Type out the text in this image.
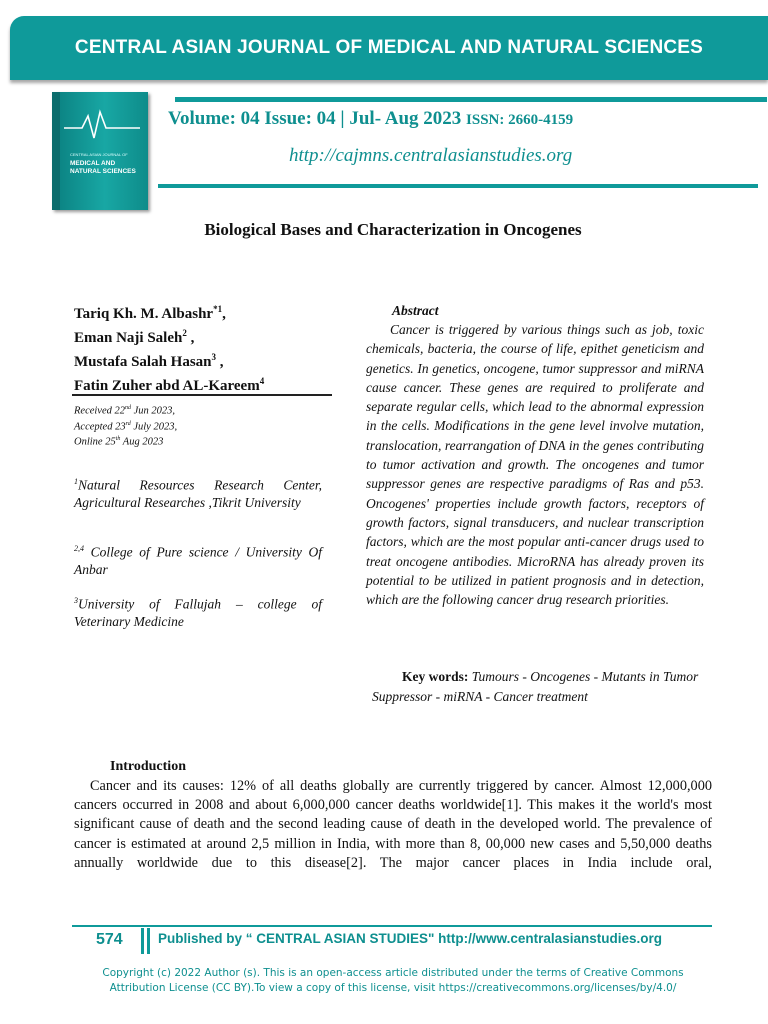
CENTRAL ASIAN JOURNAL OF MEDICAL AND NATURAL SCIENCES
CENTRAL ASIAN JOURNAL OF
MEDICAL AND NATURAL SCIENCES
Volume: 04 Issue: 04 | Jul- Aug 2023 ISSN: 2660-4159
http://cajmns.centralasianstudies.org
Biological Bases and Characterization in Oncogenes
Tariq Kh. M. Albashr$^{*1}$,
Eman Naji Saleh$^2$ ,
Mustafa Salah Hasan$^3$ ,
Fatin Zuher abd AL-Kareem$^4$
Received 22nd Jun 2023,
Accepted 23rd July 2023,
Online 25th Aug 2023
$^1$Natural Resources Research Center, Agricultural Researches ,Tikrit University
$^{2,4}$ College of Pure science / University Of Anbar
$^3$University of Fallujah – college of Veterinary Medicine
Abstract
Cancer is triggered by various things such as job, toxic chemicals, bacteria, the course of life, epithet geneticism and genetics. In genetics, oncogene, tumor suppressor and miRNA cause cancer. These genes are required to proliferate and separate regular cells, which lead to the abnormal expression in the cells. Modifications in the gene level involve mutation, translocation, rearrangation of DNA in the genes contributing to tumor activation and growth. The oncogenes and tumor suppressor genes are respective paradigms of Ras and p53. Oncogenes' properties include growth factors, receptors of growth factors, signal transducers, and nuclear transcription factors, which are the most popular anti-cancer drugs used to treat oncogene antibodies. MicroRNA has already proven its potential to be utilized in patient prognosis and in detection, which are the following cancer drug research priorities.
Key words: Tumours - Oncogenes - Mutants in Tumor Suppressor - miRNA - Cancer treatment
Introduction
Cancer and its causes: 12% of all deaths globally are currently triggered by cancer. Almost 12,000,000 cancers occurred in 2008 and about 6,000,000 cancer deaths worldwide[1]. This makes it the world's most significant cause of death and the second leading cause of death in the developed world. The prevalence of cancer is estimated at around 2,5 million in India, with more than 8, 00,000 new cases and 5,50,000 deaths annually worldwide due to this disease[2]. The major cancer places in India include oral,
574	Published by “ CENTRAL ASIAN STUDIES" http://www.centralasianstudies.org
Copyright (c) 2022 Author (s). This is an open-access article distributed under the terms of Creative Commons
Attribution License (CC BY).To view a copy of this license, visit https://creativecommons.org/licenses/by/4.0/
